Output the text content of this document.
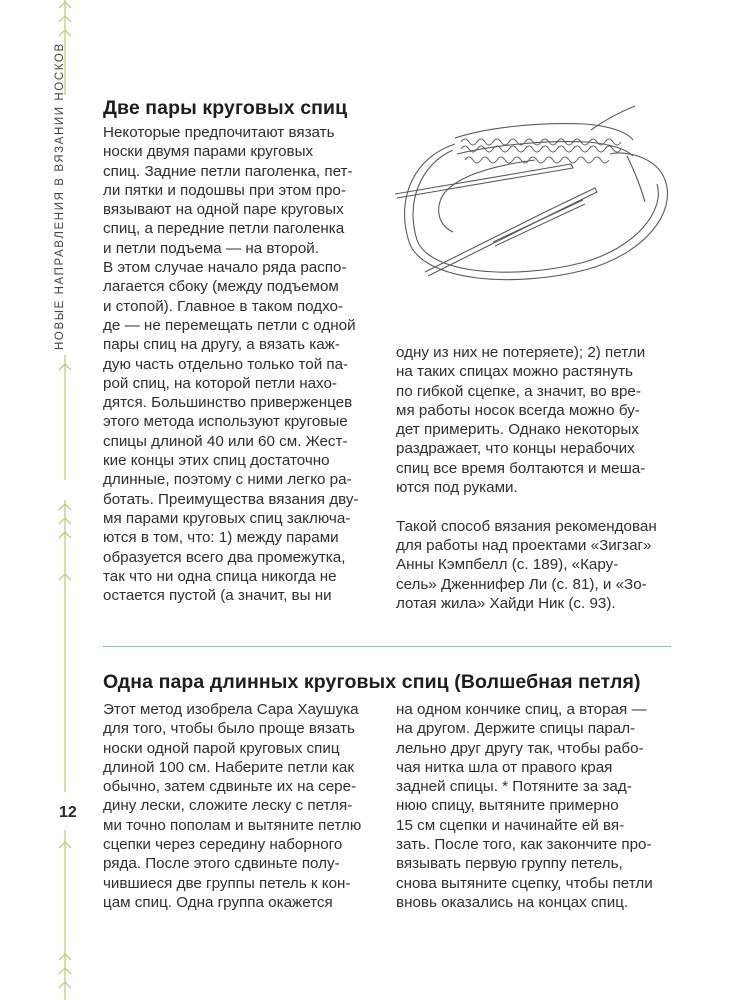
НОВЫЕ НАПРАВЛЕНИЯ В ВЯЗАНИИ НОСКОВ
12
Две пары круговых спиц
Некоторые предпочитают вязать
носки двумя парами круговых
спиц. Задние петли паголенка, пет-
ли пятки и подошвы при этом про-
вязывают на одной паре круговых
спиц, а передние петли паголенка
и петли подъема — на второй.
В этом случае начало ряда распо-
лагается сбоку (между подъемом
и стопой). Главное в таком подхо-
де — не перемещать петли с одной
пары спиц на другу, а вязать каж-
дую часть отдельно только той па-
рой спиц, на которой петли нахо-
дятся. Большинство приверженцев
этого метода используют круговые
спицы длиной 40 или 60 см. Жест-
кие концы этих спиц достаточно
длинные, поэтому с ними легко ра-
ботать. Преимущества вязания дву-
мя парами круговых спиц заключа-
ются в том, что: 1) между парами
образуется всего два промежутка,
так что ни одна спица никогда не
остается пустой (а значит, вы ни
одну из них не потеряете); 2) петли
на таких спицах можно растянуть
по гибкой сцепке, а значит, во вре-
мя работы носок всегда можно бу-
дет примерить. Однако некоторых
раздражает, что концы нерабочих
спиц все время болтаются и меша-
ются под руками.

Такой способ вязания рекомендован
для работы над проектами «Зигзаг»
Анны Кэмпбелл (с. 189), «Кару-
сель» Дженнифер Ли (с. 81), и «Зо-
лотая жила» Хайди Ник (с. 93).
Одна пара длинных круговых спиц (Волшебная петля)
Этот метод изобрела Сара Хаушука
для того, чтобы было проще вязать
носки одной парой круговых спиц
длиной 100 см. Наберите петли как
обычно, затем сдвиньте их на сере-
дину лески, сложите леску с петля-
ми точно пополам и вытяните петлю
сцепки через середину наборного
ряда. После этого сдвиньте полу-
чившиеся две группы петель к кон-
цам спиц. Одна группа окажется
на одном кончике спиц, а вторая —
на другом. Держите спицы парал-
лельно друг другу так, чтобы рабо-
чая нитка шла от правого края
задней спицы. * Потяните за зад-
нюю спицу, вытяните примерно
15 см сцепки и начинайте ей вя-
зать. После того, как закончите про-
вязывать первую группу петель,
снова вытяните сцепку, чтобы петли
вновь оказались на концах спиц.
